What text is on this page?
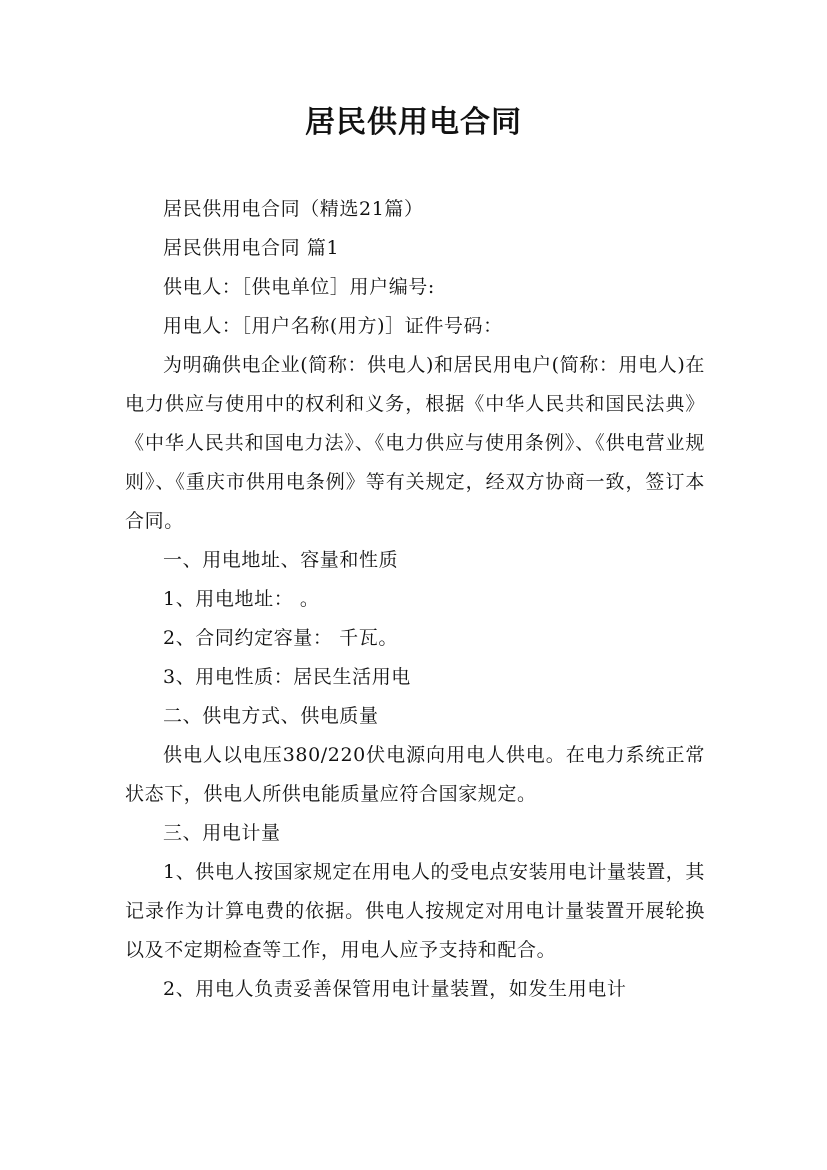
居民供用电合同

居民供用电合同（精选21篇）

居民供用电合同 篇1

供电人：［供电单位］用户编号:

用电人：［用户名称(用方)］证件号码：

为明确供电企业(简称：供电人)和居民用电户(简称：用电人)在电力供应与使用中的权利和义务，根据《中华人民共和国民法典》《中华人民共和国电力法》、《电力供应与使用条例》、《供电营业规则》、《重庆市供用电条例》等有关规定，经双方协商一致，签订本合同。

一、用电地址、容量和性质

1、用电地址： 。

2、合同约定容量： 千瓦。

3、用电性质：居民生活用电

二、供电方式、供电质量

供电人以电压380/220伏电源向用电人供电。在电力系统正常状态下，供电人所供电能质量应符合国家规定。

三、用电计量

1、供电人按国家规定在用电人的受电点安装用电计量装置，其记录作为计算电费的依据。供电人按规定对用电计量装置开展轮换以及不定期检查等工作，用电人应予支持和配合。

2、用电人负责妥善保管用电计量装置，如发生用电计
